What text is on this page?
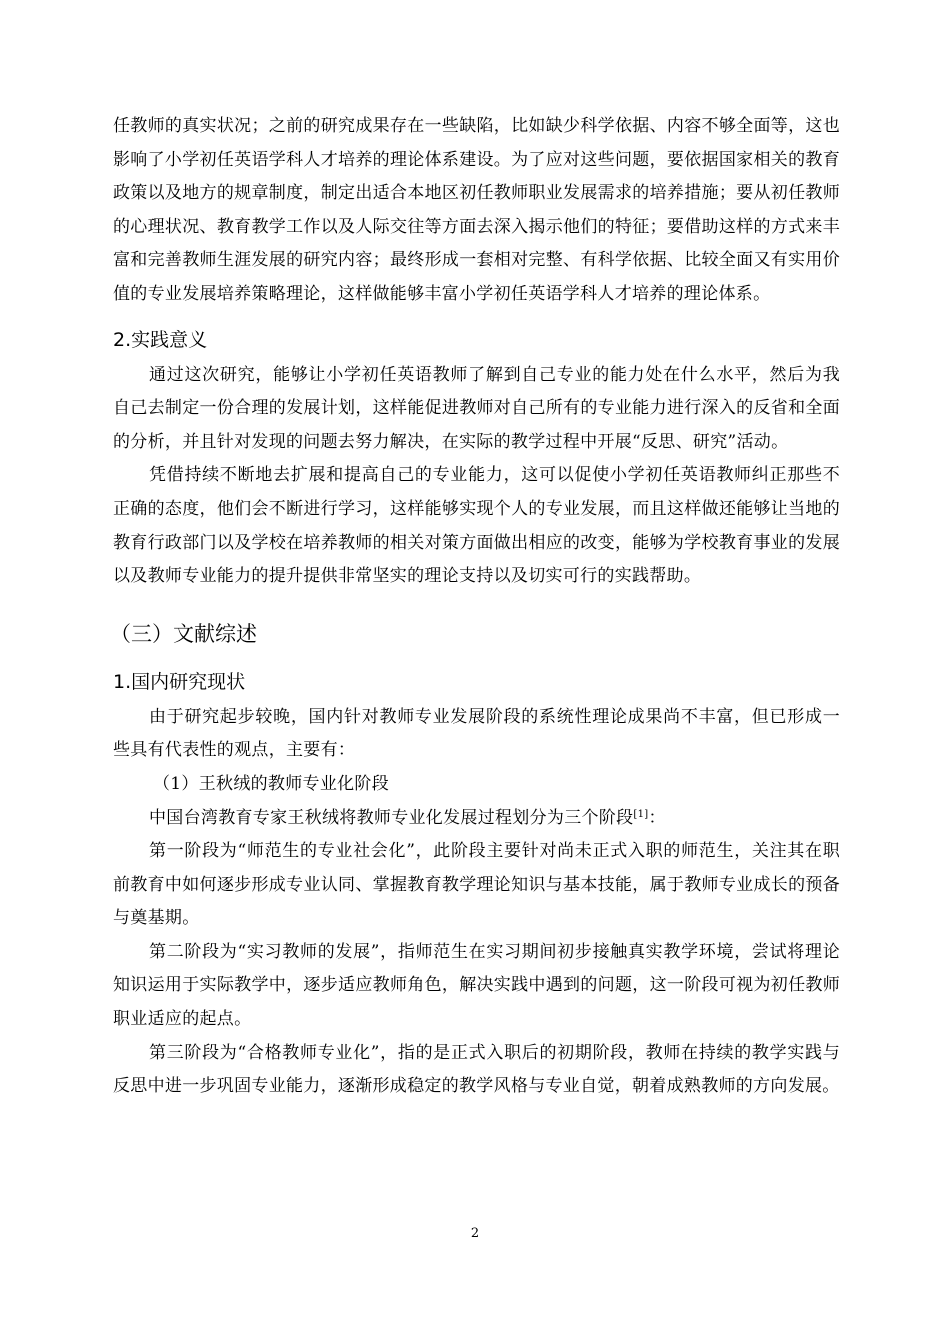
任教师的真实状况；之前的研究成果存在一些缺陷，比如缺少科学依据、内容不够全面等，这也影响了小学初任英语学科人才培养的理论体系建设。为了应对这些问题，要依据国家相关的教育政策以及地方的规章制度，制定出适合本地区初任教师职业发展需求的培养措施；要从初任教师的心理状况、教育教学工作以及人际交往等方面去深入揭示他们的特征；要借助这样的方式来丰富和完善教师生涯发展的研究内容；最终形成一套相对完整、有科学依据、比较全面又有实用价值的专业发展培养策略理论，这样做能够丰富小学初任英语学科人才培养的理论体系。

2.实践意义

通过这次研究，能够让小学初任英语教师了解到自己专业的能力处在什么水平，然后为我自己去制定一份合理的发展计划，这样能促进教师对自己所有的专业能力进行深入的反省和全面的分析，并且针对发现的问题去努力解决，在实际的教学过程中开展“反思、研究”活动。

凭借持续不断地去扩展和提高自己的专业能力，这可以促使小学初任英语教师纠正那些不正确的态度，他们会不断进行学习，这样能够实现个人的专业发展，而且这样做还能够让当地的教育行政部门以及学校在培养教师的相关对策方面做出相应的改变，能够为学校教育事业的发展以及教师专业能力的提升提供非常坚实的理论支持以及切实可行的实践帮助。

（三）文献综述
1.国内研究现状

由于研究起步较晚，国内针对教师专业发展阶段的系统性理论成果尚不丰富，但已形成一些具有代表性的观点，主要有：

（1）王秋绒的教师专业化阶段

中国台湾教育专家王秋绒将教师专业化发展过程划分为三个阶段[1]：

第一阶段为“师范生的专业社会化”，此阶段主要针对尚未正式入职的师范生，关注其在职前教育中如何逐步形成专业认同、掌握教育教学理论知识与基本技能，属于教师专业成长的预备与奠基期。

第二阶段为“实习教师的发展”，指师范生在实习期间初步接触真实教学环境，尝试将理论知识运用于实际教学中，逐步适应教师角色，解决实践中遇到的问题，这一阶段可视为初任教师职业适应的起点。

第三阶段为“合格教师专业化”，指的是正式入职后的初期阶段，教师在持续的教学实践与反思中进一步巩固专业能力，逐渐形成稳定的教学风格与专业自觉，朝着成熟教师的方向发展。

2
